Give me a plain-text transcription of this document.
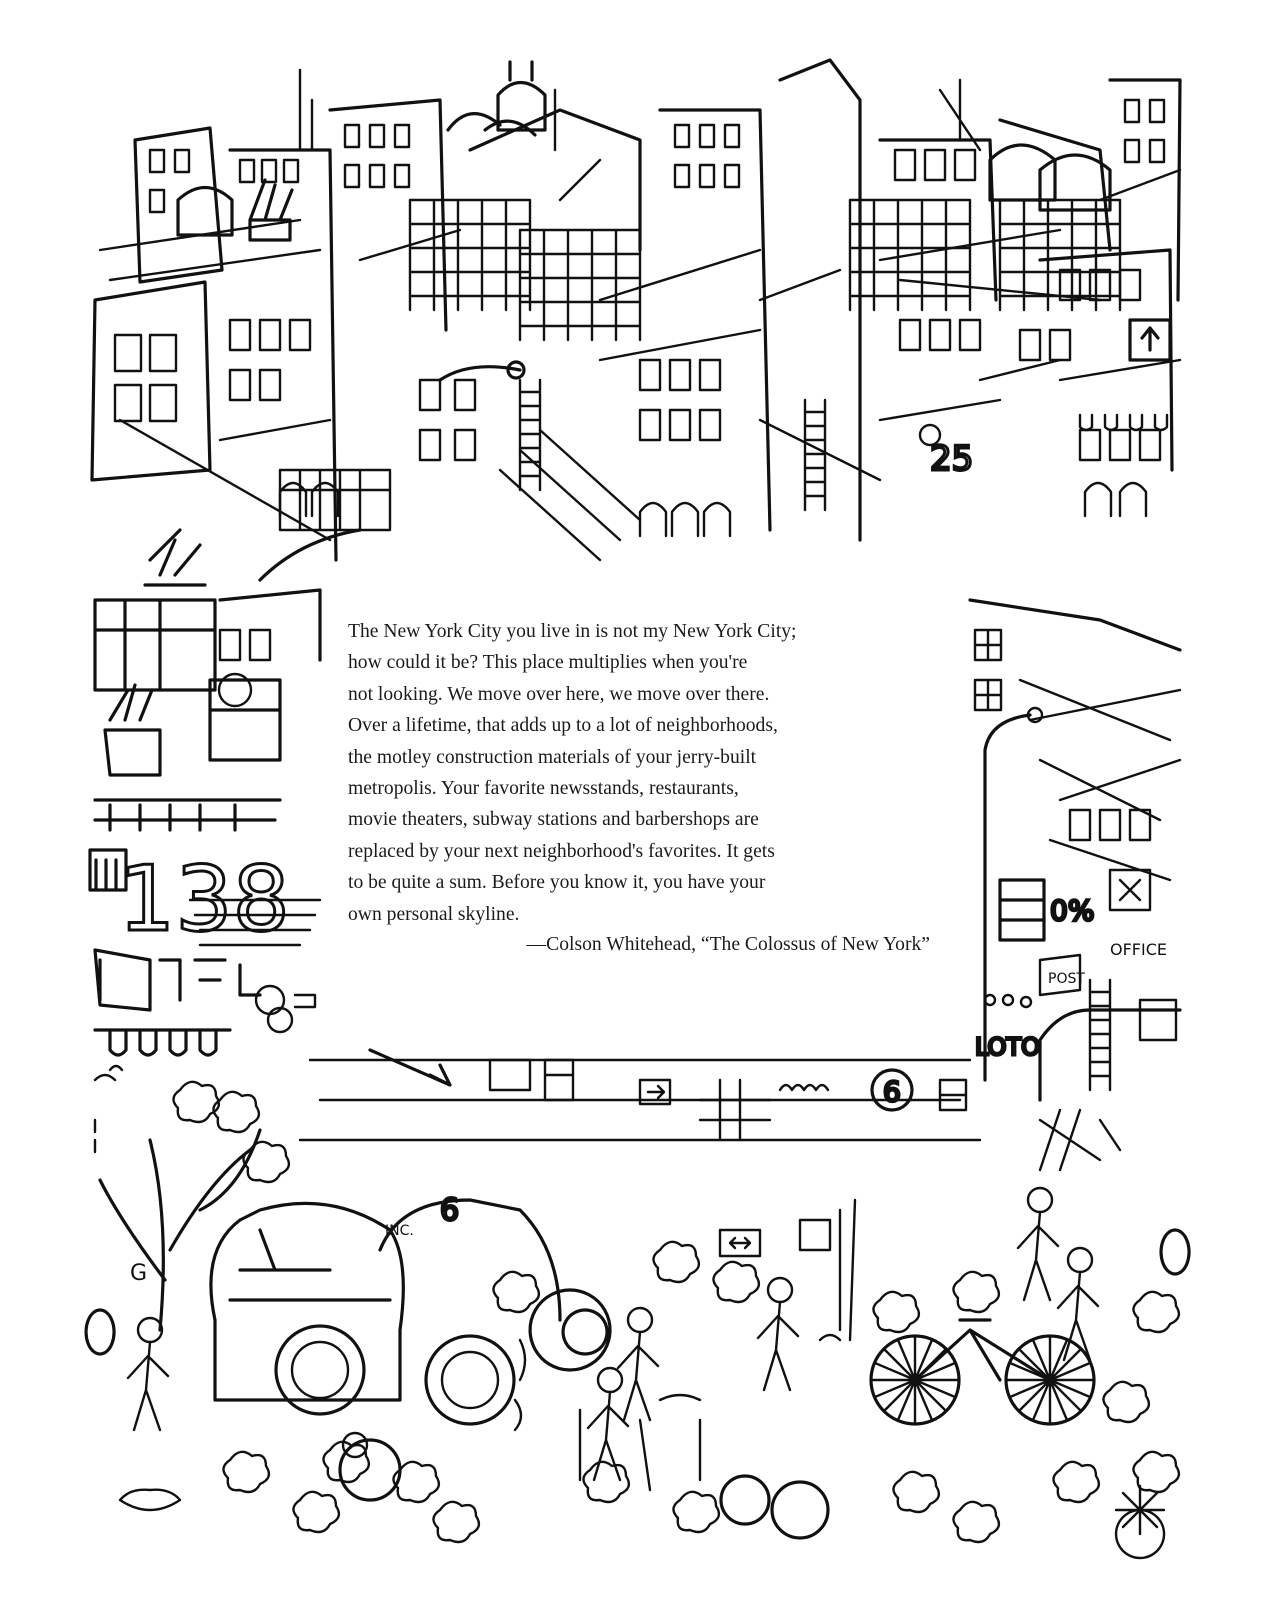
25
138	0%
POST
OFFICE
LOTO
6
G
INC.
6
The New York City you live in is not my New York City;
how could it be? This place multiplies when you're
not looking. We move over here, we move over there.
Over a lifetime, that adds up to a lot of neighborhoods,
the motley construction materials of your jerry-built
metropolis. Your favorite newsstands, restaurants,
movie theaters, subway stations and barbershops are
replaced by your next neighborhood's favorites. It gets
to be quite a sum. Before you know it, you have your
own personal skyline.
—Colson Whitehead, “The Colossus of New York”
